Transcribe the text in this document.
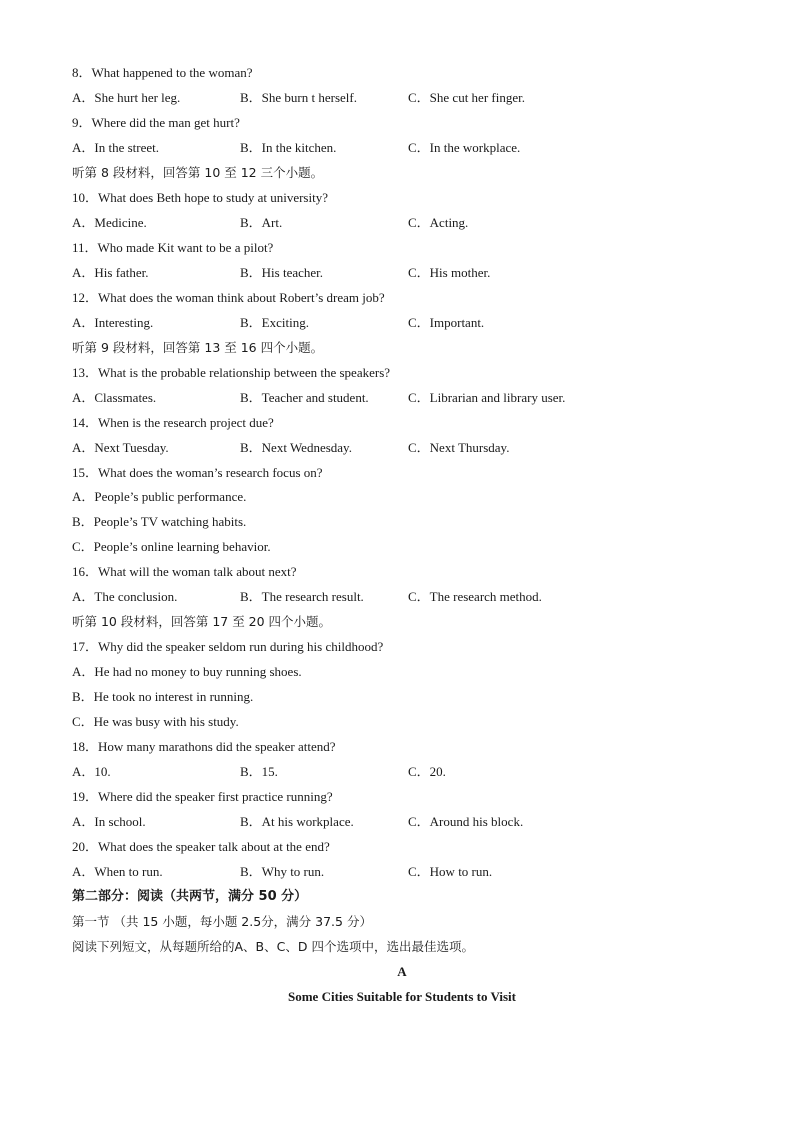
8．What happened to the woman?
A．She hurt her leg.	B．She burn t herself.	C．She cut her finger.
9．Where did the man get hurt?
A．In the street.	B．In the kitchen.	C．In the workplace.
听第 8 段材料，回答第 10 至 12 三个小题。
10．What does Beth hope to study at university?
A．Medicine.	B．Art.	C．Acting.
11．Who made Kit want to be a pilot?
A．His father.	B．His teacher.	C．His mother.
12．What does the woman think about Robert’s dream job?
A．Interesting.	B．Exciting.	C．Important.
听第 9 段材料，回答第 13 至 16 四个小题。
13．What is the probable relationship between the speakers?
A．Classmates.	B．Teacher and student.	C．Librarian and library user.
14．When is the research project due?
A．Next Tuesday.	B．Next Wednesday.	C．Next Thursday.
15．What does the woman’s research focus on?
A．People’s public performance.
B．People’s TV watching habits.
C．People’s online learning behavior.
16．What will the woman talk about next?
A．The conclusion.	B．The research result.	C．The research method.
听第 10 段材料，回答第 17 至 20 四个小题。
17．Why did the speaker seldom run during his childhood?
A．He had no money to buy running shoes.
B．He took no interest in running.
C．He was busy with his study.
18．How many marathons did the speaker attend?
A．10.	B．15.	C．20.
19．Where did the speaker first practice running?
A．In school.	B．At his workplace.	C．Around his block.
20．What does the speaker talk about at the end?
A．When to run.	B．Why to run.	C．How to run.
第二部分：阅读（共两节，满分 50 分）
第一节 （共 15 小题，每小题 2.5分，满分 37.5 分）
阅读下列短文，从每题所给的A、B、C、D 四个选项中，选出最佳选项。
A
Some Cities Suitable for Students to Visit
